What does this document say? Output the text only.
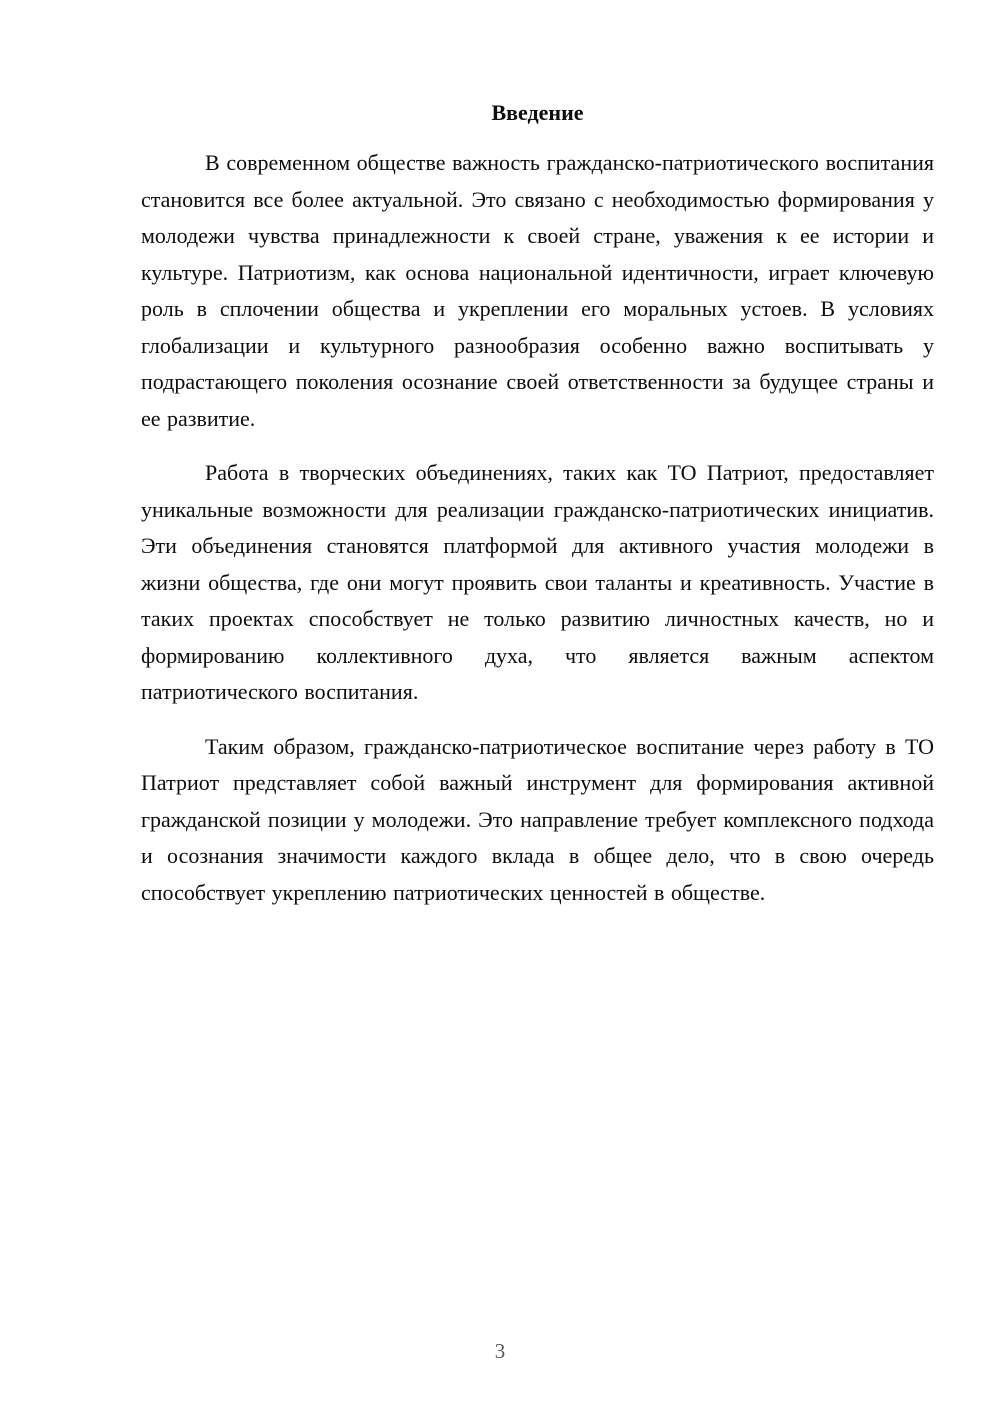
Введение

В современном обществе важность гражданско-патриотического воспитания становится все более актуальной. Это связано с необходимостью формирования у молодежи чувства принадлежности к своей стране, уважения к ее истории и культуре. Патриотизм, как основа национальной идентичности, играет ключевую роль в сплочении общества и укреплении его моральных устоев. В условиях глобализации и культурного разнообразия особенно важно воспитывать у подрастающего поколения осознание своей ответственности за будущее страны и ее развитие.

Работа в творческих объединениях, таких как ТО Патриот, предоставляет уникальные возможности для реализации гражданско-патриотических инициатив. Эти объединения становятся платформой для активного участия молодежи в жизни общества, где они могут проявить свои таланты и креативность. Участие в таких проектах способствует не только развитию личностных качеств, но и формированию коллективного духа, что является важным аспектом патриотического воспитания.

Таким образом, гражданско-патриотическое воспитание через работу в ТО Патриот представляет собой важный инструмент для формирования активной гражданской позиции у молодежи. Это направление требует комплексного подхода и осознания значимости каждого вклада в общее дело, что в свою очередь способствует укреплению патриотических ценностей в обществе.

3
